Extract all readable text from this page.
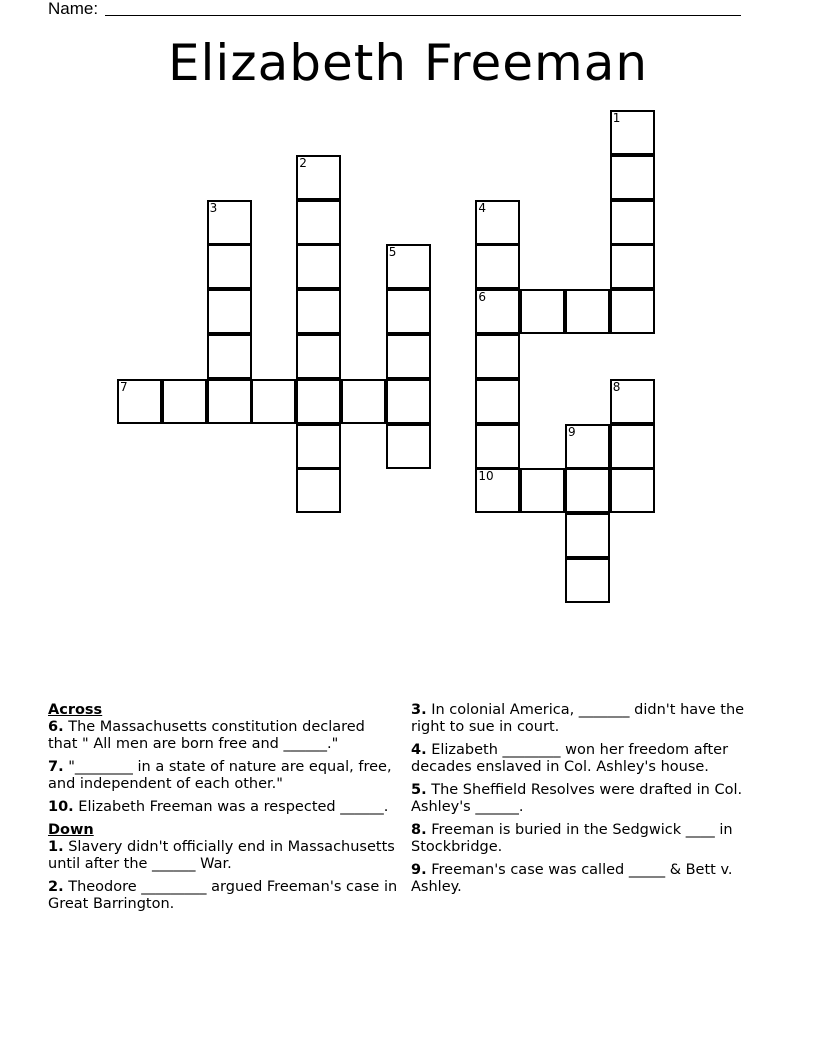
Name:
Elizabeth Freeman
1
2
3	4
6
10
5
7	8
9

Across

6. The Massachusetts constitution declared that " All men are born free and ______."

7. "________ in a state of nature are equal, free, and independent of each other."

10. Elizabeth Freeman was a respected ______.

Down

1. Slavery didn't officially end in Massachusetts until after the ______ War.

2. Theodore _________ argued Freeman's case in Great Barrington.

3. In colonial America, _______ didn't have the right to sue in court.

4. Elizabeth ________ won her freedom after decades enslaved in Col. Ashley's house.

5. The Sheffield Resolves were drafted in Col. Ashley's ______.

8. Freeman is buried in the Sedgwick ____ in Stockbridge.

9. Freeman's case was called _____ & Bett v. Ashley.
